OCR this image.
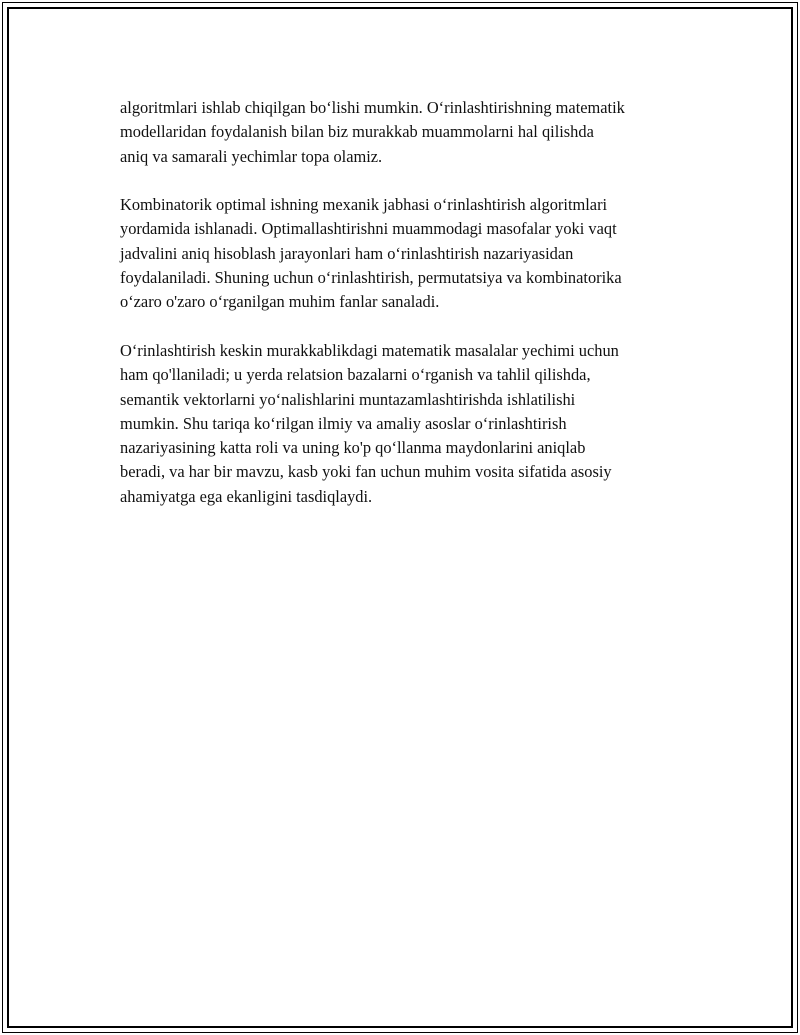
algoritmlari ishlab chiqilgan bo‘lishi mumkin. O‘rinlashtirishning matematik
modellaridan foydalanish bilan biz murakkab muammolarni hal qilishda
aniq va samarali yechimlar topa olamiz.

Kombinatorik optimal ishning mexanik jabhasi o‘rinlashtirish algoritmlari
yordamida ishlanadi. Optimallashtirishni muammodagi masofalar yoki vaqt
jadvalini aniq hisoblash jarayonlari ham o‘rinlashtirish nazariyasidan
foydalaniladi. Shuning uchun o‘rinlashtirish, permutatsiya va kombinatorika
o‘zaro o'zaro o‘rganilgan muhim fanlar sanaladi.

O‘rinlashtirish keskin murakkablikdagi matematik masalalar yechimi uchun
ham qo'llaniladi; u yerda relatsion bazalarni o‘rganish va tahlil qilishda,
semantik vektorlarni yo‘nalishlarini muntazamlashtirishda ishlatilishi
mumkin. Shu tariqa ko‘rilgan ilmiy va amaliy asoslar o‘rinlashtirish
nazariyasining katta roli va uning ko'p qo‘llanma maydonlarini aniqlab
beradi, va har bir mavzu, kasb yoki fan uchun muhim vosita sifatida asosiy
ahamiyatga ega ekanligini tasdiqlaydi.
